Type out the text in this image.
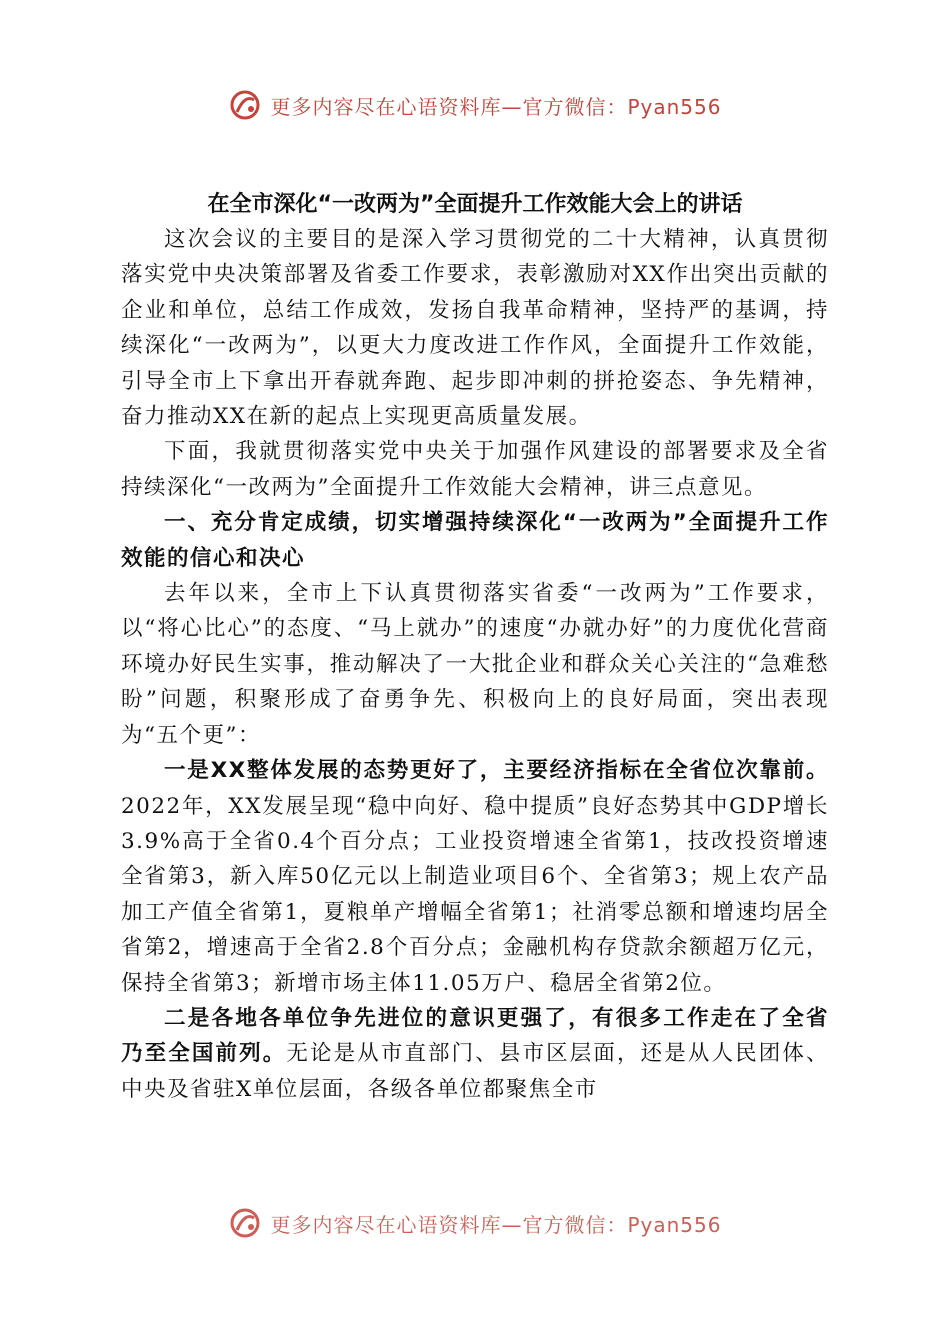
更多内容尽在心语资料库—官方微信：Pyan556
在全市深化“一改两为”全面提升工作效能大会上的讲话

这次会议的主要目的是深入学习贯彻党的二十大精神，认真贯彻落实党中央决策部署及省委工作要求，表彰激励对XX作出突出贡献的企业和单位，总结工作成效，发扬自我革命精神，坚持严的基调，持续深化“一改两为”，以更大力度改进工作作风，全面提升工作效能，引导全市上下拿出开春就奔跑、起步即冲刺的拼抢姿态、争先精神，奋力推动XX在新的起点上实现更高质量发展。

下面，我就贯彻落实党中央关于加强作风建设的部署要求及全省持续深化“一改两为”全面提升工作效能大会精神，讲三点意见。

一、充分肯定成绩，切实增强持续深化“一改两为”全面提升工作效能的信心和决心

去年以来，全市上下认真贯彻落实省委“一改两为”工作要求，以“将心比心”的态度、“马上就办”的速度“办就办好”的力度优化营商环境办好民生实事，推动解决了一大批企业和群众关心关注的“急难愁盼”问题，积聚形成了奋勇争先、积极向上的良好局面，突出表现为“五个更”：

一是XX整体发展的态势更好了，主要经济指标在全省位次靠前。2022年，XX发展呈现“稳中向好、稳中提质”良好态势其中GDP增长3.9%高于全省0.4个百分点；工业投资增速全省第1，技改投资增速全省第3，新入库50亿元以上制造业项目6个、全省第3；规上农产品加工产值全省第1，夏粮单产增幅全省第1；社消零总额和增速均居全省第2，增速高于全省2.8个百分点；金融机构存贷款余额超万亿元，保持全省第3；新增市场主体11.05万户、稳居全省第2位。

二是各地各单位争先进位的意识更强了，有很多工作走在了全省乃至全国前列。无论是从市直部门、县市区层面，还是从人民团体、中央及省驻X单位层面，各级各单位都聚焦全市

更多内容尽在心语资料库—官方微信：Pyan556
